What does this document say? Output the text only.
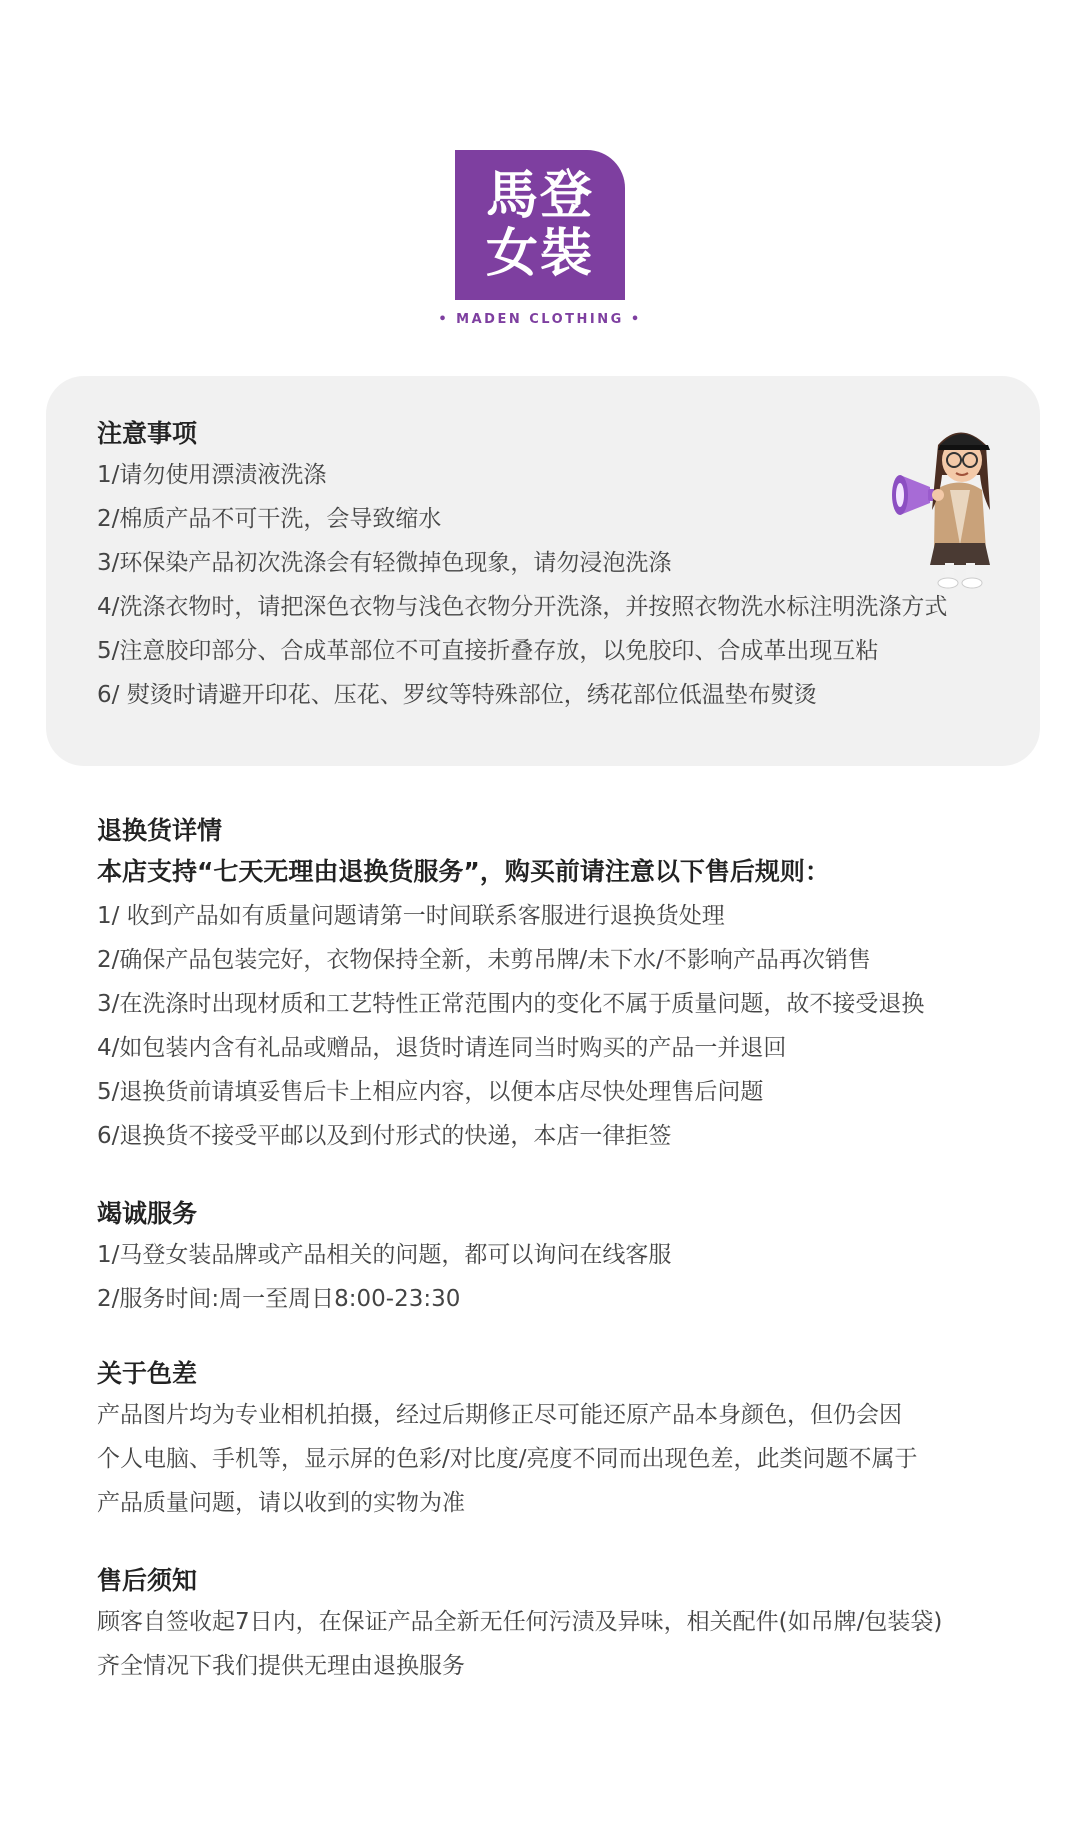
馬登
女裝
• MADEN CLOTHING •
注意事项
1/请勿使用漂渍液洗涤
2/棉质产品不可干洗，会导致缩水
3/环保染产品初次洗涤会有轻微掉色现象，请勿浸泡洗涤
4/洗涤衣物时，请把深色衣物与浅色衣物分开洗涤，并按照衣物洗水标注明洗涤方式
5/注意胶印部分、合成革部位不可直接折叠存放，以免胶印、合成革出现互粘
6/ 熨烫时请避开印花、压花、罗纹等特殊部位，绣花部位低温垫布熨烫
退换货详情
本店支持“七天无理由退换货服务”，购买前请注意以下售后规则：
1/ 收到产品如有质量问题请第一时间联系客服进行退换货处理
2/确保产品包装完好，衣物保持全新，未剪吊牌/未下水/不影响产品再次销售
3/在洗涤时出现材质和工艺特性正常范围内的变化不属于质量问题，故不接受退换
4/如包装内含有礼品或赠品，退货时请连同当时购买的产品一并退回
5/退换货前请填妥售后卡上相应内容，以便本店尽快处理售后问题
6/退换货不接受平邮以及到付形式的快递，本店一律拒签
竭诚服务
1/马登女装品牌或产品相关的问题，都可以询问在线客服
2/服务时间:周一至周日8:00-23:30
关于色差

产品图片均为专业相机拍摄，经过后期修正尽可能还原产品本身颜色，但仍会因

个人电脑、手机等，显示屏的色彩/对比度/亮度不同而出现色差，此类问题不属于

产品质量问题，请以收到的实物为准

售后须知

顾客自签收起7日内，在保证产品全新无任何污渍及异味，相关配件(如吊牌/包装袋)

齐全情况下我们提供无理由退换服务
